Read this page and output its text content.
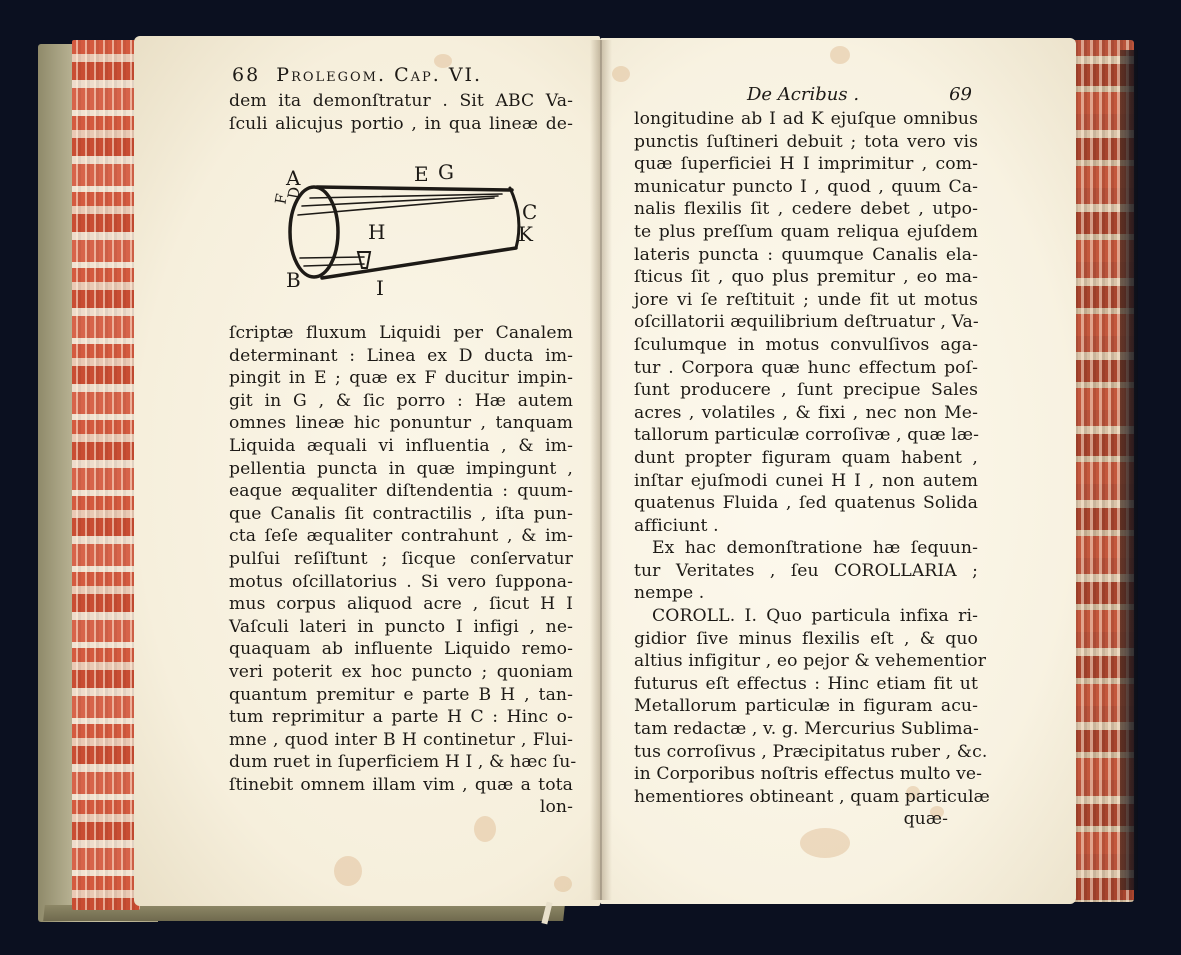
68 Prolegom. Cap. VI.
dem ita demonſtratur . Sit ABC Va-
ſculi alicujus portio , in qua lineæ de-
A
F
D
E G
C
K
H
B	I
ſcriptæ fluxum Liquidi per Canalem
determinant : Linea ex D ducta im-
pingit in E ; quæ ex F ducitur impin-
git in G , & ſic porro : Hæ autem
omnes lineæ hic ponuntur , tanquam
Liquida æquali vi influentia , & im-
pellentia puncta in quæ impingunt ,
eaque æqualiter diſtendentia : quum-
que Canalis ſit contractilis , iſta pun-
cta ſeſe æqualiter contrahunt , & im-
pulſui reſiſtunt ; ſicque conſervatur
motus oſcillatorius . Si vero ſuppona-
mus corpus aliquod acre , ſicut H I
Vaſculi lateri in puncto I infigi , ne-
quaquam ab influente Liquido remo-
veri poterit ex hoc puncto ; quoniam
quantum premitur e parte B H , tan-
tum reprimitur a parte H C : Hinc o-
mne , quod inter B H continetur , Flui-
dum ruet in ſuperficiem H I , & hæc ſu-
ſtinebit omnem illam vim , quæ a tota
lon-
De Acribus .	69
longitudine ab I ad K ejuſque omnibus
punctis ſuſtineri debuit ; tota vero vis
quæ ſuperficiei H I imprimitur , com-
municatur puncto I , quod , quum Ca-
nalis flexilis ſit , cedere debet , utpo-
te plus preſſum quam reliqua ejuſdem
lateris puncta : quumque Canalis ela-
ſticus ſit , quo plus premitur , eo ma-
jore vi ſe reſtituit ; unde fit ut motus
oſcillatorii æquilibrium deſtruatur , Va-
ſculumque in motus convulſivos aga-
tur . Corpora quæ hunc effectum poſ-
ſunt producere , ſunt precipue Sales
acres , volatiles , & fixi , nec non Me-
tallorum particulæ corroſivæ , quæ læ-
dunt propter figuram quam habent ,
inſtar ejuſmodi cunei H I , non autem
quatenus Fluida , ſed quatenus Solida
afficiunt .
Ex hac demonſtratione hæ ſequun-
tur Veritates , ſeu COROLLARIA ;
nempe .
COROLL. I. Quo particula infixa ri-
gidior ſive minus flexilis eſt , & quo
altius infigitur , eo pejor & vehementior
futurus eſt effectus : Hinc etiam fit ut
Metallorum particulæ in figuram acu-
tam redactæ , v. g. Mercurius Sublima-
tus corroſivus , Præcipitatus ruber , &c.
in Corporibus noſtris effectus multo ve-
hementiores obtineant , quam particulæ
quæ-
